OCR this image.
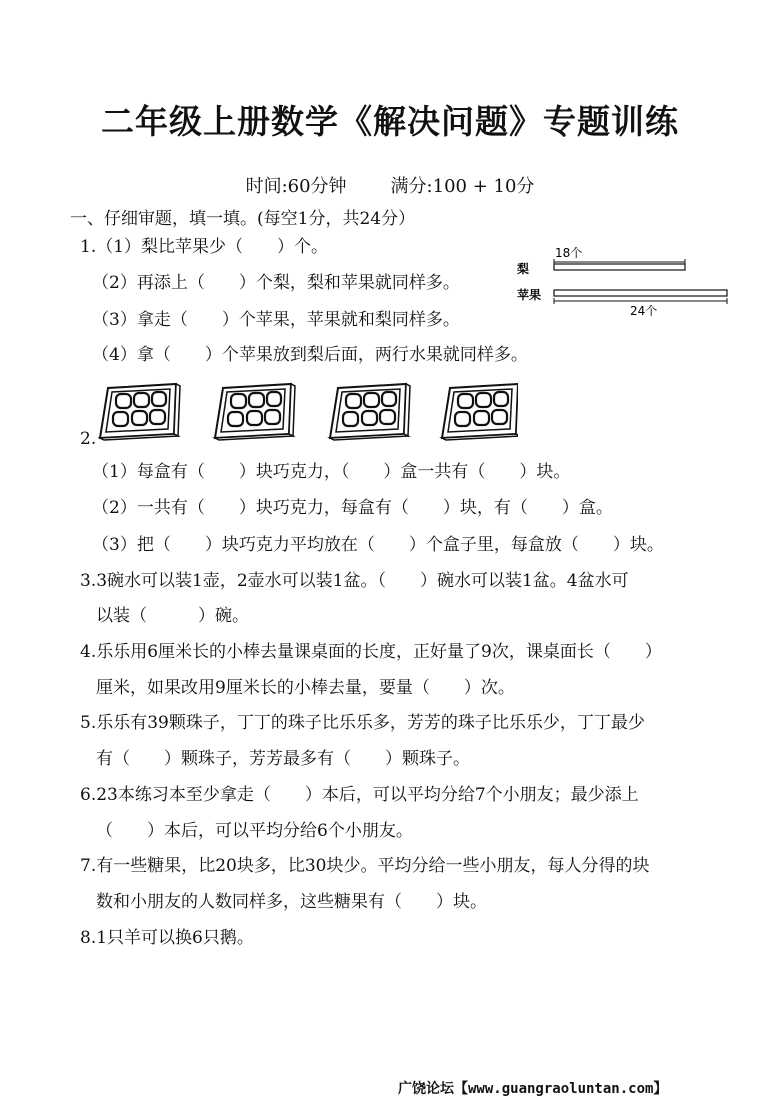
二年级上册数学《解决问题》专题训练
时间:60分钟 满分:100 + 10分
一、仔细审题，填一填。(每空1分，共24分）
1.（1）梨比苹果少（　　）个。
（2）再添上（　　）个梨，梨和苹果就同样多。
（3）拿走（　　）个苹果，苹果就和梨同样多。
（4）拿（　　）个苹果放到梨后面，两行水果就同样多。
18个
梨
苹果
24个
2.
（1）每盒有（　　）块巧克力，（　　）盒一共有（　　）块。
（2）一共有（　　）块巧克力，每盒有（　　）块，有（　　）盒。
（3）把（　　）块巧克力平均放在（　　）个盒子里，每盒放（　　）块。
3.3碗水可以装1壶，2壶水可以装1盆。（　　）碗水可以装1盆。4盆水可
以装（　　　）碗。
4.乐乐用6厘米长的小棒去量课桌面的长度，正好量了9次，课桌面长（　　）
厘米，如果改用9厘米长的小棒去量，要量（　　）次。
5.乐乐有39颗珠子，丁丁的珠子比乐乐多，芳芳的珠子比乐乐少，丁丁最少
有（　　）颗珠子，芳芳最多有（　　）颗珠子。
6.23本练习本至少拿走（　　）本后，可以平均分给7个小朋友；最少添上
（　　）本后，可以平均分给6个小朋友。
7.有一些糖果，比20块多，比30块少。平均分给一些小朋友，每人分得的块
数和小朋友的人数同样多，这些糖果有（　　）块。
8.1只羊可以换6只鹅。
广饶论坛【www.guangraoluntan.com】
